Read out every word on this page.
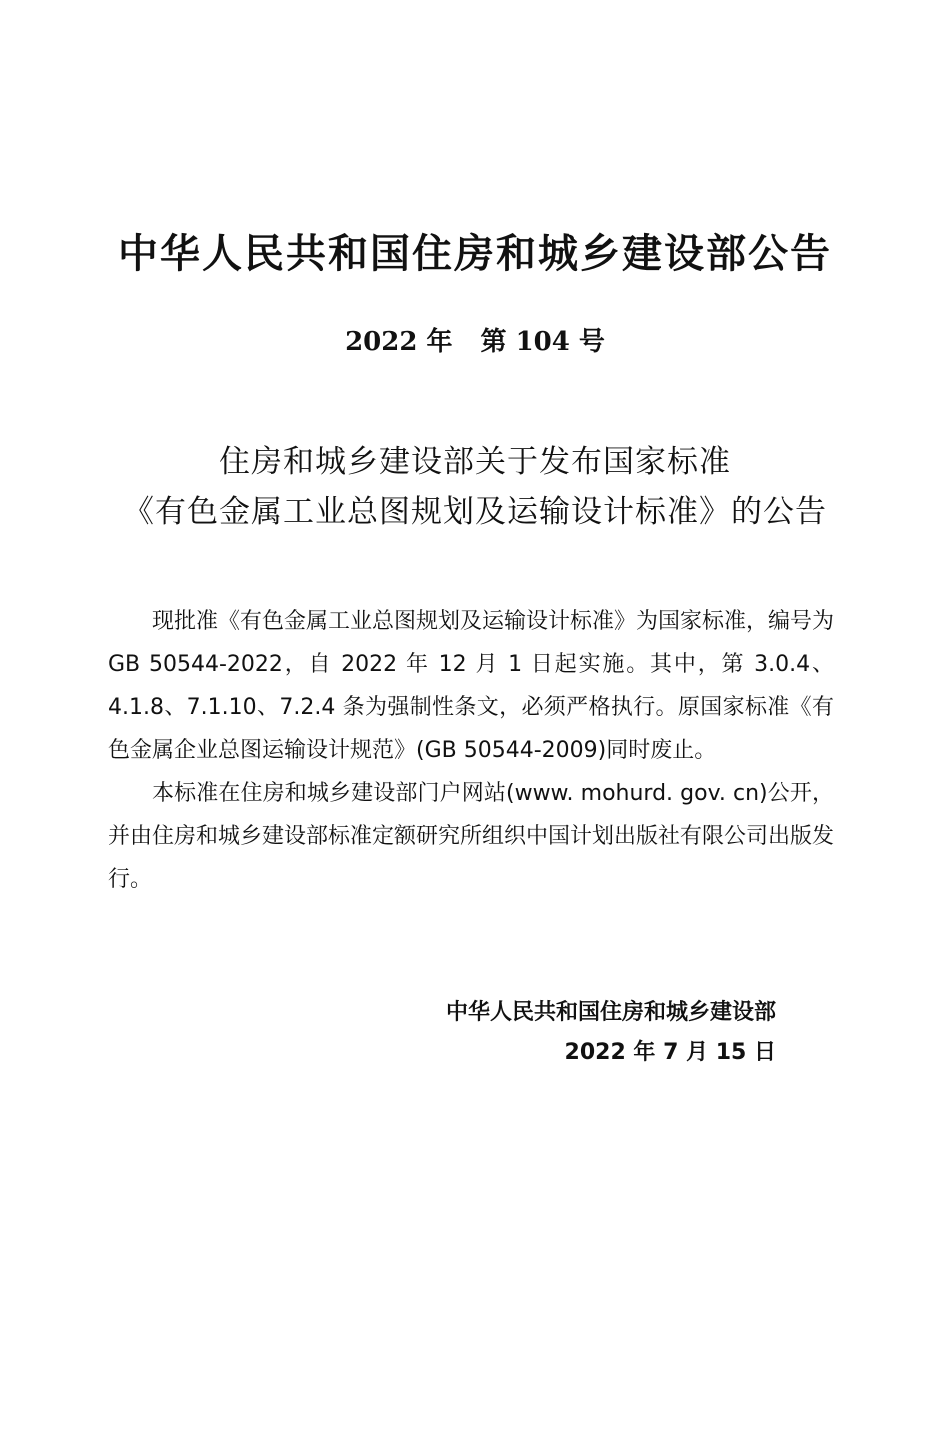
中华人民共和国住房和城乡建设部公告
2022 年 第 104 号
住房和城乡建设部关于发布国家标准
《有色金属工业总图规划及运输设计标准》的公告

现批准《有色金属工业总图规划及运输设计标准》为国家标准，编号为 GB 50544-2022，自 2022 年 12 月 1 日起实施。其中，第 3.0.4、4.1.8、7.1.10、7.2.4 条为强制性条文，必须严格执行。原国家标准《有色金属企业总图运输设计规范》(GB 50544-2009)同时废止。

本标准在住房和城乡建设部门户网站(www. mohurd. gov. cn)公开，并由住房和城乡建设部标准定额研究所组织中国计划出版社有限公司出版发行。

中华人民共和国住房和城乡建设部
2022 年 7 月 15 日
